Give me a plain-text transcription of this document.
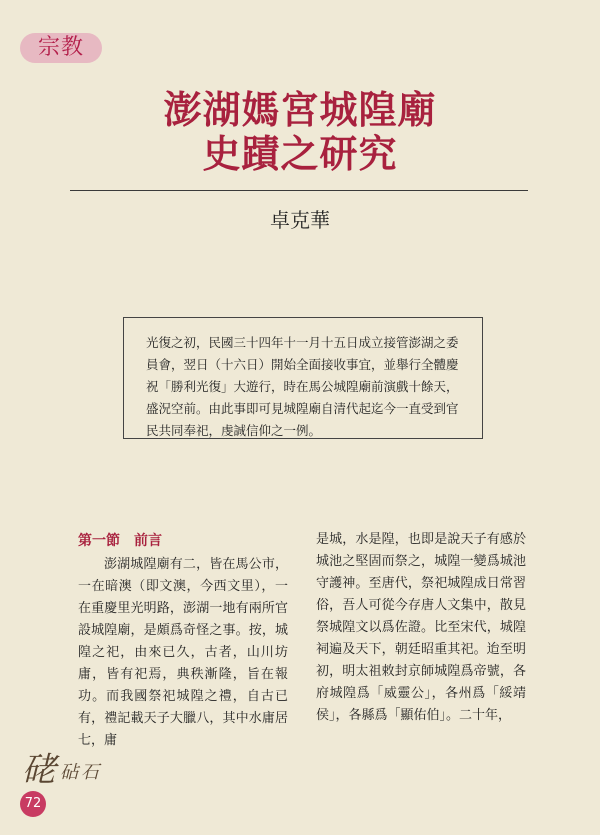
宗教
澎湖媽宮城隍廟
史蹟之研究
卓克華

光復之初，民國三十四年十一月十五日成立接管澎湖之委員會，翌日（十六日）開始全面接收事宜，並舉行全體慶祝「勝利光復」大遊行，時在馬公城隍廟前演戲十餘天，盛況空前。由此事即可見城隍廟自清代起迄今一直受到官民共同奉祀，虔誠信仰之一例。

第一節　前言

澎湖城隍廟有二，皆在馬公市，一在暗澳（即文澳，今西文里），一在重慶里光明路，澎湖一地有兩所官設城隍廟，是頗爲奇怪之事。按，城隍之祀，由來已久，古者，山川坊庸，皆有祀焉，典秩漸隆，旨在報功。而我國祭祀城隍之禮，自古已有，禮記載天子大臘八，其中水庸居七，庸

是城，水是隍，也即是說天子有感於城池之堅固而祭之，城隍一變爲城池守護神。至唐代，祭祀城隍成日常習俗，吾人可從今存唐人文集中，散見祭城隍文以爲佐證。比至宋代，城隍祠遍及天下，朝廷昭重其祀。迨至明初，明太祖敕封京師城隍爲帝號，各府城隍爲「威靈公」，各州爲「綏靖侯」，各縣爲「顯佑伯」。二十年，

硓 砧石
72
